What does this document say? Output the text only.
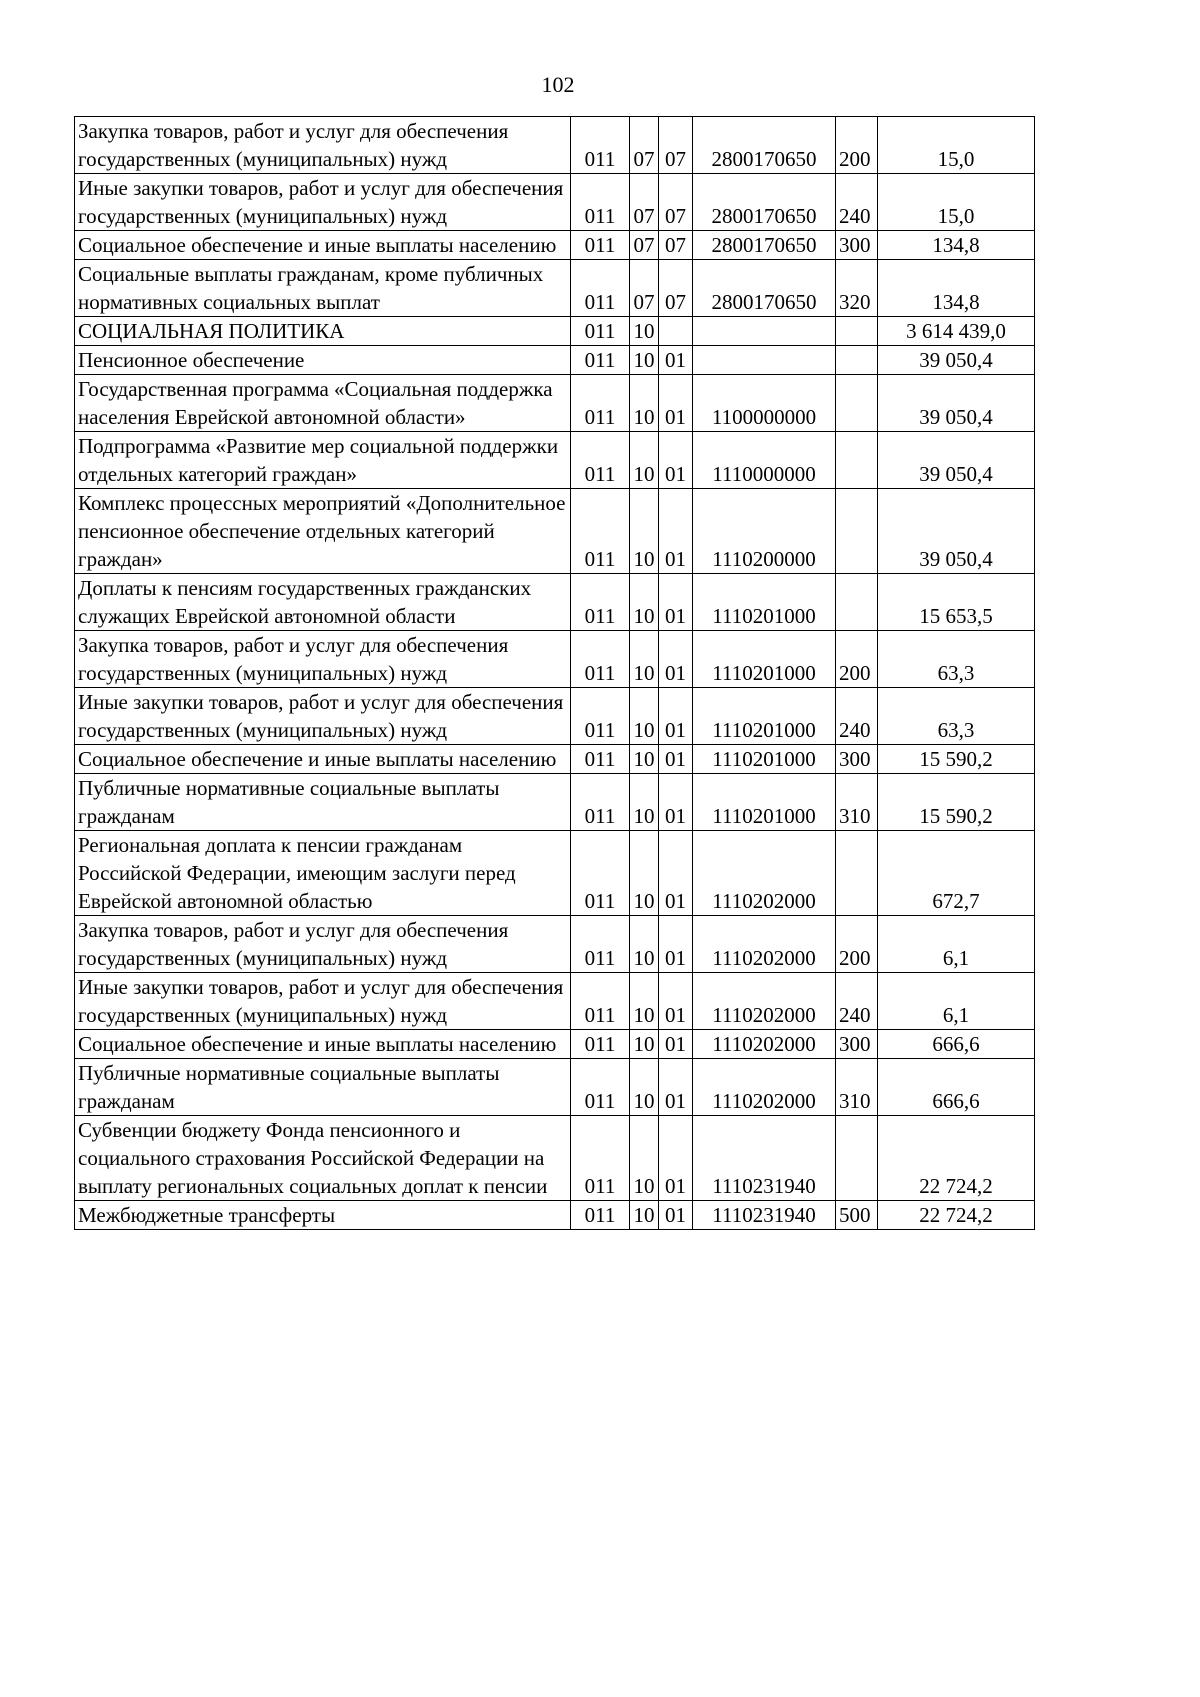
102
Закупка товаров, работ и услуг для обеспечения государственных (муниципальных) нужд	011	07	07	2800170650	200	15,0
Иные закупки товаров, работ и услуг для обеспечения государственных (муниципальных) нужд	011	07	07	2800170650	240	15,0
Социальное обеспечение и иные выплаты населению	011	07	07	2800170650	300	134,8
Социальные выплаты гражданам, кроме публичных нормативных социальных выплат	011	07	07	2800170650	320	134,8
СОЦИАЛЬНАЯ ПОЛИТИКА	011	10				3 614 439,0
Пенсионное обеспечение	011	10	01			39 050,4
Государственная программа «Социальная поддержка населения Еврейской автономной области»	011	10	01	1100000000		39 050,4
Подпрограмма «Развитие мер социальной поддержки отдельных категорий граждан»	011	10	01	1110000000		39 050,4
Комплекс процессных мероприятий «Дополнительное пенсионное обеспечение отдельных категорий граждан»	011	10	01	1110200000		39 050,4
Доплаты к пенсиям государственных гражданских служащих Еврейской автономной области	011	10	01	1110201000		15 653,5
Закупка товаров, работ и услуг для обеспечения государственных (муниципальных) нужд	011	10	01	1110201000	200	63,3
Иные закупки товаров, работ и услуг для обеспечения государственных (муниципальных) нужд	011	10	01	1110201000	240	63,3
Социальное обеспечение и иные выплаты населению	011	10	01	1110201000	300	15 590,2
Публичные нормативные социальные выплаты гражданам	011	10	01	1110201000	310	15 590,2
Региональная доплата к пенсии гражданам Российской Федерации, имеющим заслуги перед Еврейской автономной областью	011	10	01	1110202000		672,7
Закупка товаров, работ и услуг для обеспечения государственных (муниципальных) нужд	011	10	01	1110202000	200	6,1
Иные закупки товаров, работ и услуг для обеспечения государственных (муниципальных) нужд	011	10	01	1110202000	240	6,1
Социальное обеспечение и иные выплаты населению	011	10	01	1110202000	300	666,6
Публичные нормативные социальные выплаты гражданам	011	10	01	1110202000	310	666,6
Субвенции бюджету Фонда пенсионного и социального страхования Российской Федерации на выплату региональных социальных доплат к пенсии	011	10	01	1110231940		22 724,2
Межбюджетные трансферты	011	10	01	1110231940	500	22 724,2
